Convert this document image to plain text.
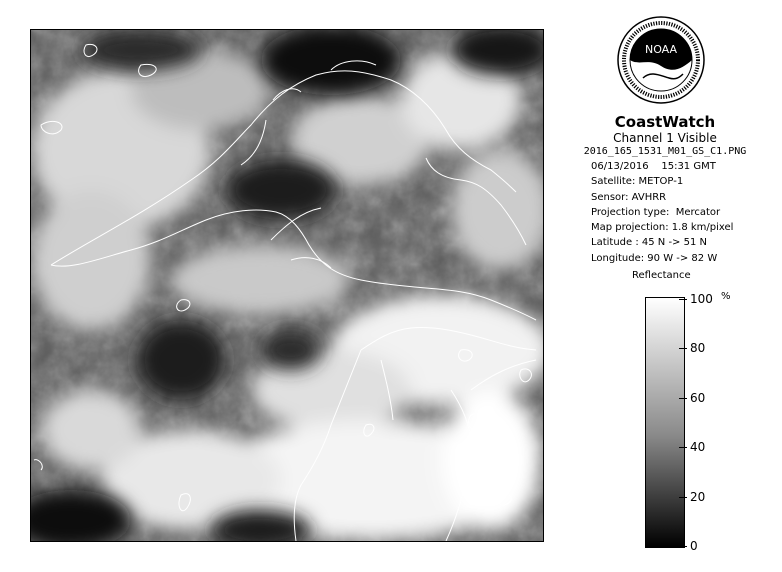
NOAA
CoastWatch
Channel 1 Visible
2016_165_1531_M01_GS_C1.PNG
06/13/2016    15:31 GMT
Satellite: METOP-1
Sensor: AVHRR
Projection type:  Mercator
Map projection: 1.8 km/pixel
Latitude : 45 N -> 51 N
Longitude: 90 W -> 82 W
Reflectance
%
100
80
60
40
20
0
